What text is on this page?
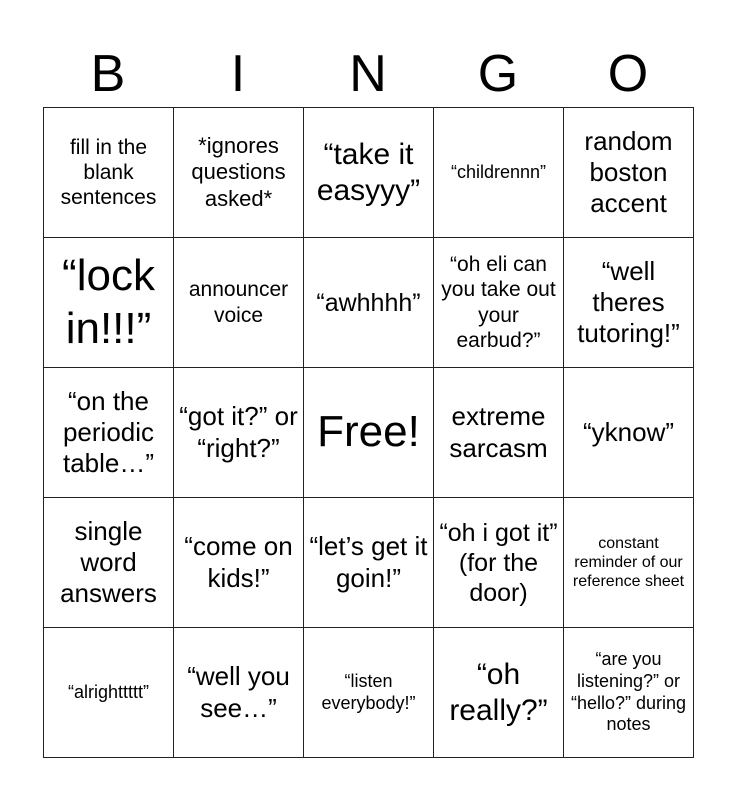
B	I	N	G	O
fill in the blank sentences	*ignores questions asked*	“take it easyyy”	“childrennn”	random boston accent
“lock in!!!”	announcer voice	“awhhhh”	“oh eli can you take out your earbud?”	“well theres tutoring!”
“on the periodic table…”	“got it?” or “right?”	Free!	extreme sarcasm	“yknow”
single word answers	“come on kids!”	“let’s get it goin!”	“oh i got it” (for the door)	constant reminder of our reference sheet
“alrighttttt”	“well you see…”	“listen everybody!”	“oh really?”	“are you listening?” or “hello?” during notes
